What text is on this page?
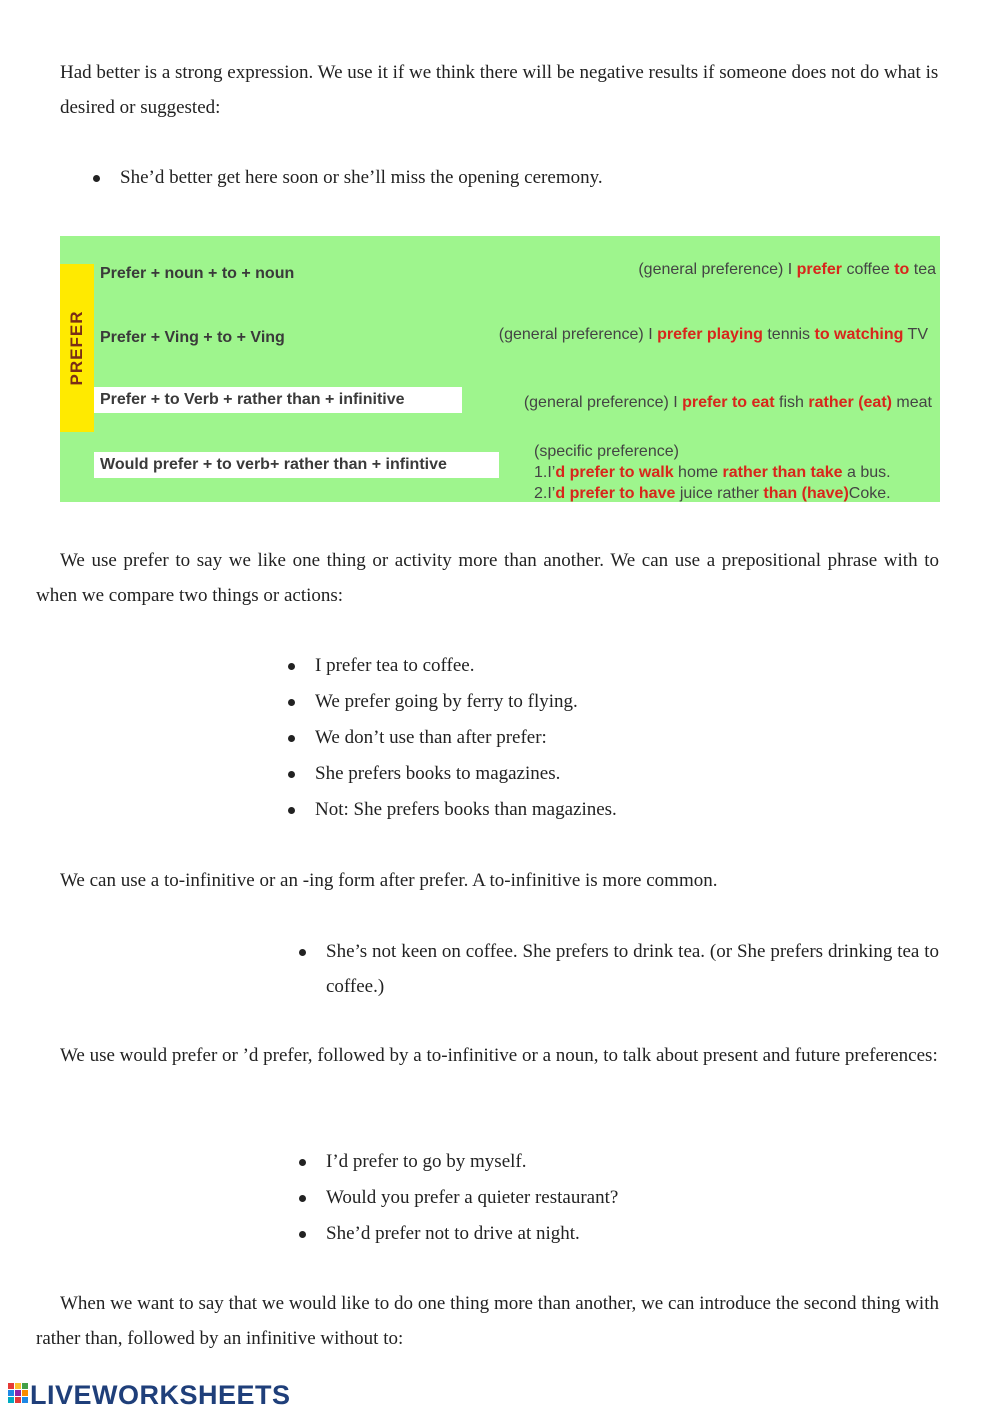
Had better is a strong expression. We use it if we think there will be negative results if someone does not do what is desired or suggested:

She’d better get here soon or she’ll miss the opening ceremony.
PREFER
Prefer + noun + to + noun	(general preference) I prefer coffee to tea
Prefer + Ving + to + Ving	(general preference) I prefer playing tennis to watching TV
Prefer + to Verb + rather than + infinitive	(general preference) I prefer to eat fish rather (eat) meat
Would prefer + to verb+ rather than + infintive
(specific preference)
1.I’d prefer to walk home rather than take a bus.
2.I’d prefer to have juice rather than (have)Coke.

We use prefer to say we like one thing or activity more than another. We can use a prepositional phrase with to when we compare two things or actions:

I prefer tea to coffee.
We prefer going by ferry to flying.
We don’t use than after prefer:
She prefers books to magazines.
Not: She prefers books than magazines.

We can use a to-infinitive or an -ing form after prefer. A to-infinitive is more common.

She’s not keen on coffee. She prefers to drink tea. (or She prefers drinking tea to coffee.)

We use would prefer or ’d prefer, followed by a to-infinitive or a noun, to talk about present and future preferences:

I’d prefer to go by myself.
Would you prefer a quieter restaurant?
She’d prefer not to drive at night.

When we want to say that we would like to do one thing more than another, we can introduce the second thing with rather than, followed by an infinitive without to:

LIVEWORKSHEETS
